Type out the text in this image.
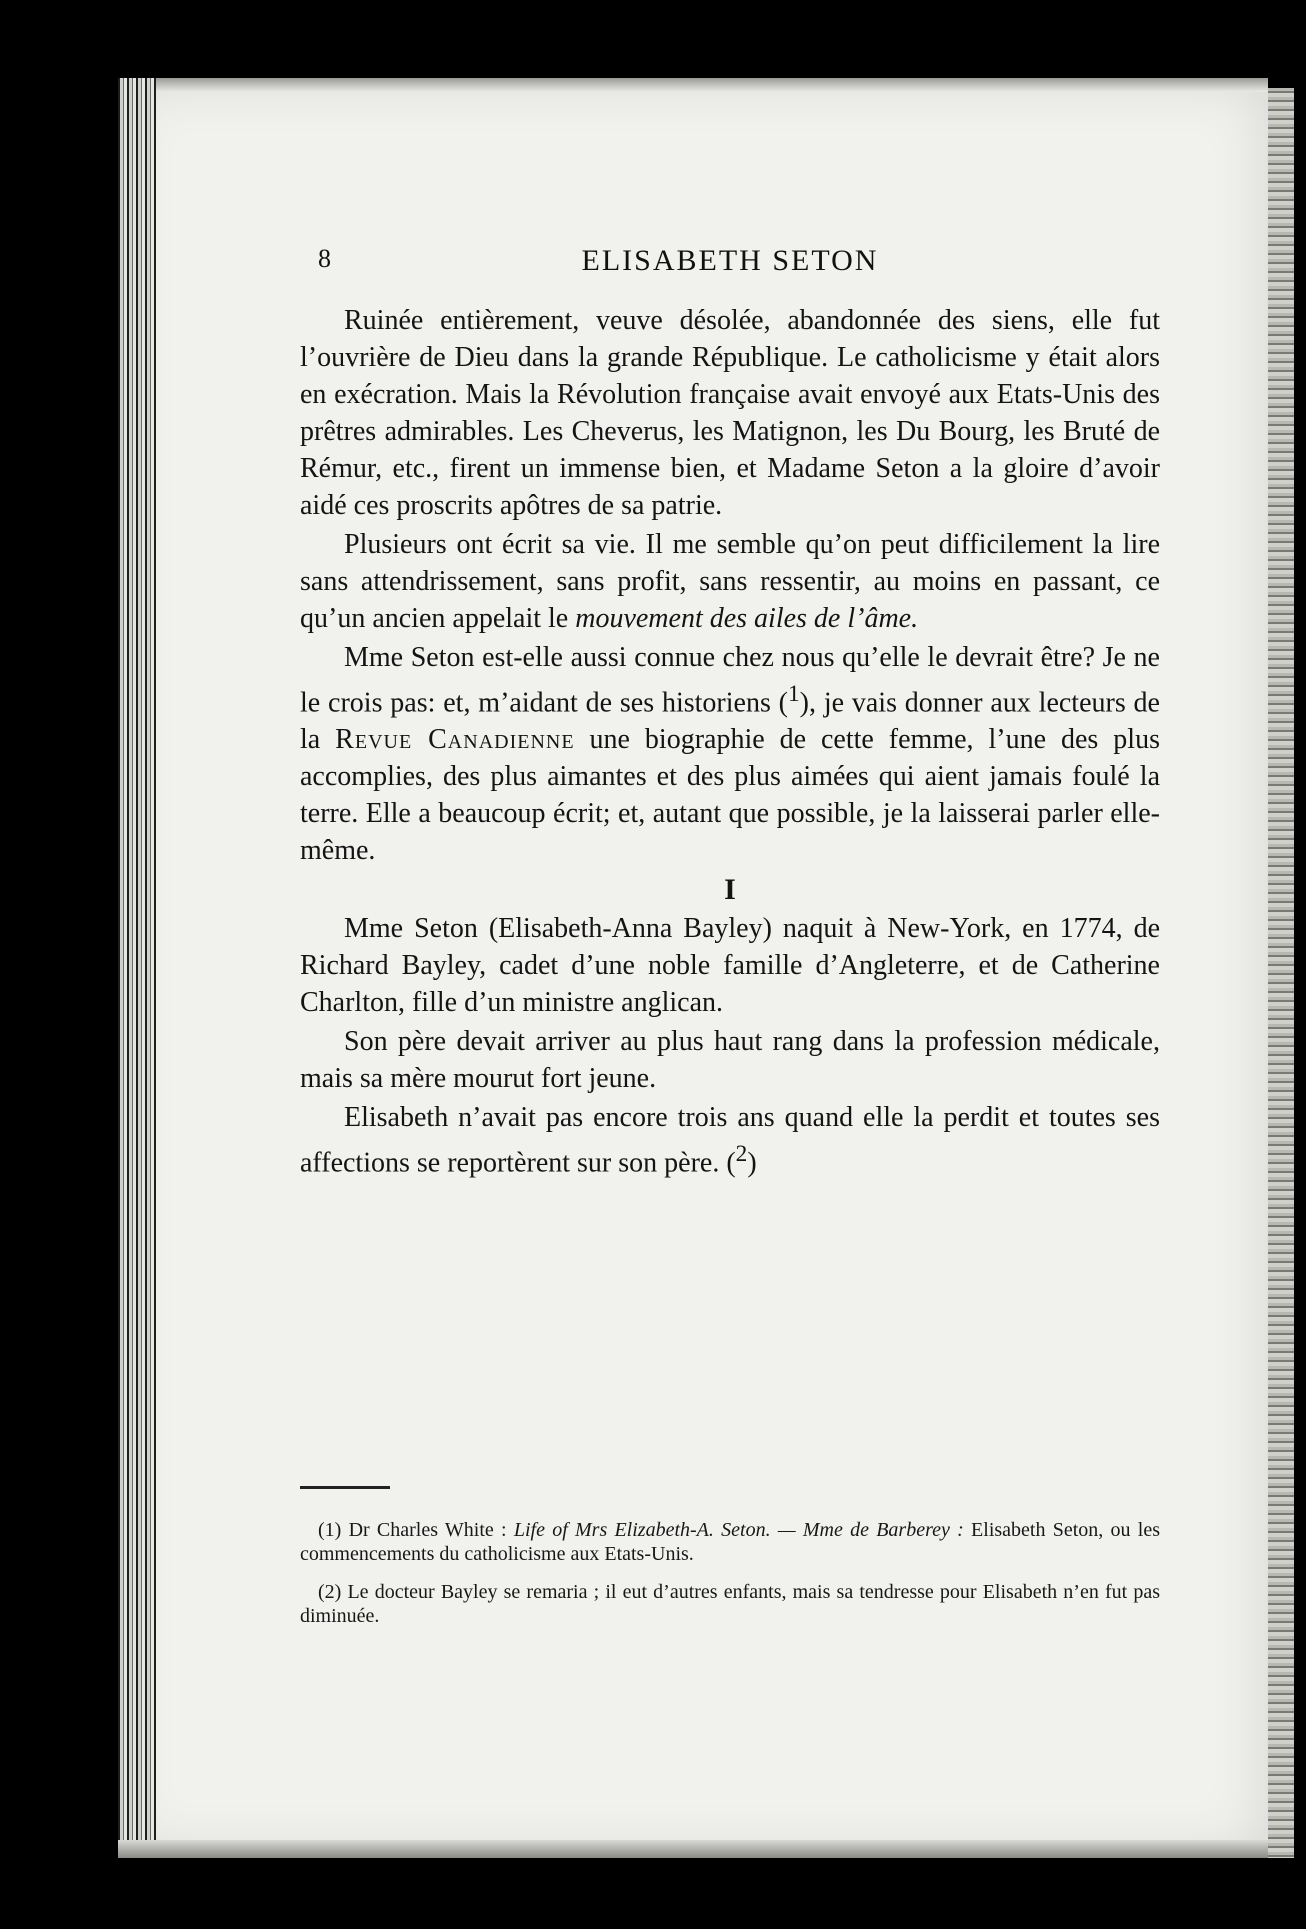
8	ELISABETH SETON

Ruinée entièrement, veuve désolée, abandonnée des siens, elle fut l’ouvrière de Dieu dans la grande République. Le catholicisme y était alors en exécration. Mais la Révolution française avait envoyé aux Etats-Unis des prêtres admirables. Les Cheverus, les Matignon, les Du Bourg, les Bruté de Rémur, etc., firent un immense bien, et Madame Seton a la gloire d’avoir aidé ces proscrits apôtres de sa patrie.

Plusieurs ont écrit sa vie. Il me semble qu’on peut difficilement la lire sans attendrissement, sans profit, sans ressentir, au moins en passant, ce qu’un ancien appelait le mouvement des ailes de l’âme.

Mme Seton est-elle aussi connue chez nous qu’elle le devrait être? Je ne le crois pas: et, m’aidant de ses historiens ($^1$), je vais donner aux lecteurs de la Revue Canadienne une biographie de cette femme, l’une des plus accomplies, des plus aimantes et des plus aimées qui aient jamais foulé la terre. Elle a beaucoup écrit; et, autant que possible, je la laisserai parler elle-même.

I

Mme Seton (Elisabeth-Anna Bayley) naquit à New-York, en 1774, de Richard Bayley, cadet d’une noble famille d’Angleterre, et de Catherine Charlton, fille d’un ministre anglican.

Son père devait arriver au plus haut rang dans la profession médicale, mais sa mère mourut fort jeune.

Elisabeth n’avait pas encore trois ans quand elle la perdit et toutes ses affections se reportèrent sur son père. ($^2$)

(1) Dr Charles White : Life of Mrs Elizabeth-A. Seton. — Mme de Barberey : Elisabeth Seton, ou les commencements du catholicisme aux Etats-Unis.

(2) Le docteur Bayley se remaria ; il eut d’autres enfants, mais sa tendresse pour Elisabeth n’en fut pas diminuée.
